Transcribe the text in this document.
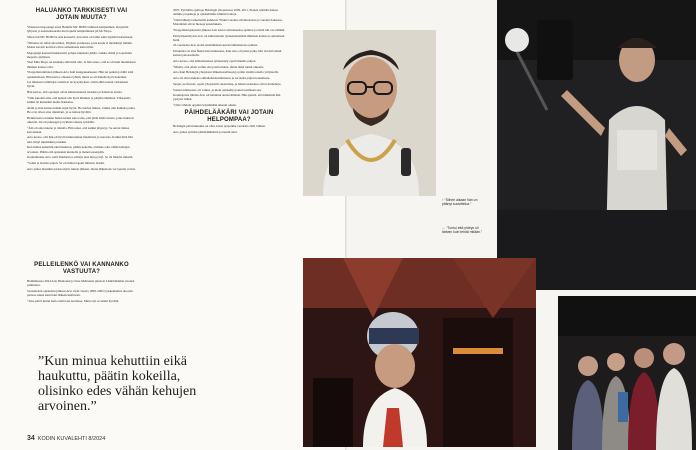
HALUANKO TARKKISESTI VAI JOTAIN MUUTA?

Yläasteen mopojengi antoi Heikille MC HOPO nimisen lempinimen. Kurjattiin lyhyesti jo kolmosluokalla mut lopulta lempinimeksi jäi Mc Hopo.

Sitten tuli MC HOPO:n eräs konsertti, kavereita oli tullut salin täydeltä katsomaan.

“Minusta oli tullut showmies. Pärjäsin porukassa, josta koulu ei merkinnyt mitään. Monet kaverit koitivat olivat samanlaisia kuin minä.

Mopojengi kaatuisi hiekkareitti pohjaa lukeneita juhlia, vaikka olikin jo lopettanut mopolla ajamisen.

Yksi Miia Mopo on kaukana siitä mitä olin. Ja hän sanoo, että se oli kuin muunlaisen ihmisen kanssa olisi.

Ylioppilastutkinnon jälkeen Arto haki kauppakorkeaan. Hän sai paikan ja lähti siitä opiskelemaan. Hän kertoo olleensa tyhmä, mutta se oli hänelle hyvä kokemus.

Jos lukeneet toimittajat ottaisivat ne kysymykset, olisin ehkä saanut vastauksen hyvin.

Hän kertoo, että opettajat olivat kiinnostuneita tiedoista ja halusivat auttaa.

“Olin sanonut aina, että haluan olla hyvä ihminen ja pärjätä elämässä. Yläasteella kaikki oli kuitenkin melko hankalaa.

Äidin ja isän kanssa kaikki sujui hyvin. He tukivat minua, vaikka olin hankala poika. He ovat olleet aina rinnallani, ja se tuntuu hyvältä.

Heikki kertoo kuinka hänen isänsä sanoi aina, että pitää tehdä asioita, jotka tuntuvat oikealta. Isä oli puuseppä ja tykkäsi omasta työstään.

“Äiti oli aina tukena ja rinnalla. Hän sanoi, että kaikki järjestyy. Se auttoi minua kasvamaan.

Arto kertoo, että hän oli hyvin kiinnostunut musiikista jo nuorena. Kaikki mitä hän teki, liittyi musiikkiin jotenkin.

Kun minua kehuttiin eikä haukuttu, päätin kokeilla, olisinko edes vähän kehujen arvoinen. Päätin että opiskelen kunnolla ja menen eteenpäin.

Kouluaikoina Arto soitti bändissä ja esiintyi aina kun pystyi. Se oli hänelle tärkeää.

“Soitin ja lauloin paljon. Se oli minun tapani ilmaista itseäni.

Arto jatkoi musiikin parissa myös lukion jälkeen, mutta lääketiede vei lopulta voiton.

PELLEILENKÖ VAI KANNANKO VASTUUTA?

Helmikuussa 2024 Arto Heinonen ja Vesa Mehtonen jakoivat Lääkärilehden vuoden palkinnon.

Sosiaalialan opiskelun jälkeen Arto vietti vuosia 1998–2002 työskennellen nuorten parissa ennen kuin haki lääketieteelliseen.

“Joka päivä tuntui kuin olisin taas koulussa. Mutta nyt se tuntui hyvältä.

”Kun minua kehuttiin eikä haukuttu, päätin kokeilla, olisinko edes vähän kehujen arvoinen.”

2007. Pyöräilin opintoja Helsingin yliopistossa 2009–2011. Pienen ryhmän kanssa teimme projekteja ja opiskelimme kliinisiä taitoja.

“Olen lähtenyt ulkomaille kahdesti. Yhden vuoden olin Ruotsissa ja vuoden Saksassa. Molemmat olivat hienoja kokemuksia.

Ylioppilaskirjoitusten jälkeen Arto kertoi aloittaneensa opinnot ja niistä tuli osa elämää.

Parityöskentelyssä Arto oli kiinnostunut työskentelemään ihmisten kanssa ja auttamaan heitä.

22-vuotiaana Arto aloitti ensimmäisen kerran lääketieteen opinnot.

Palokunta oli aina hänen harrastuksensa. Kun Arto oli pieni poika, hän vieraili isänsä kanssa paloasemalla.

Arto kertoo, että ambulanssissa työskentely opetti hänelle paljon.

“Mietin, että olisin voinut olla jotain muuta, mutta tämä tuntui oikealta.

Arto haki Helsingin yliopiston lääketieteelliseen ja pääsi sisään toisella yrityksellä.

Arto oli ollut mukana ambulanssitoiminnassa ja sai sieltä paljon kokemusta.

Sergei, professori, opetti yliopistolla anatomiaa, ja hänen saarnansa olivat tunnettuja.

Toinen tenttisessio oli vaikea, ja moni opiskelija joutui uusimaan sen.

Kouluajoista lähtien Arto oli halunnut auttaa ihmisiä. Hän ajatteli, että lääkärinä hän pystyisi siihen.

“Olen vihdoin oppinut käyttämään aikaani oikein.

PÄIHDELÄÄKÄRI VAI JOTAIN HELPOMPAA?

Helsingin palvelukeskus on ollut Arton työpaikka vuodesta 2021 lähtien.

Arto jatkaa työtään päihdelääkärinä ja nauttii siitä.

34 KODIN KUVALEHTI 8/2024
↑ “Siihen aikaan hän on pitänyt suosittelua.”
← “Tuntui että yhteys oli tärkein kuin tehdä mitään.”
↑ Arto kuvaa ensimmäisellä studiollaan. Hän kertoo, että musiikki on aina ollut tärkeä osa elämää.
→ “Soma sportsin nurmilla, että ennen kuin pääsi Arton kanssa lavalle.”
